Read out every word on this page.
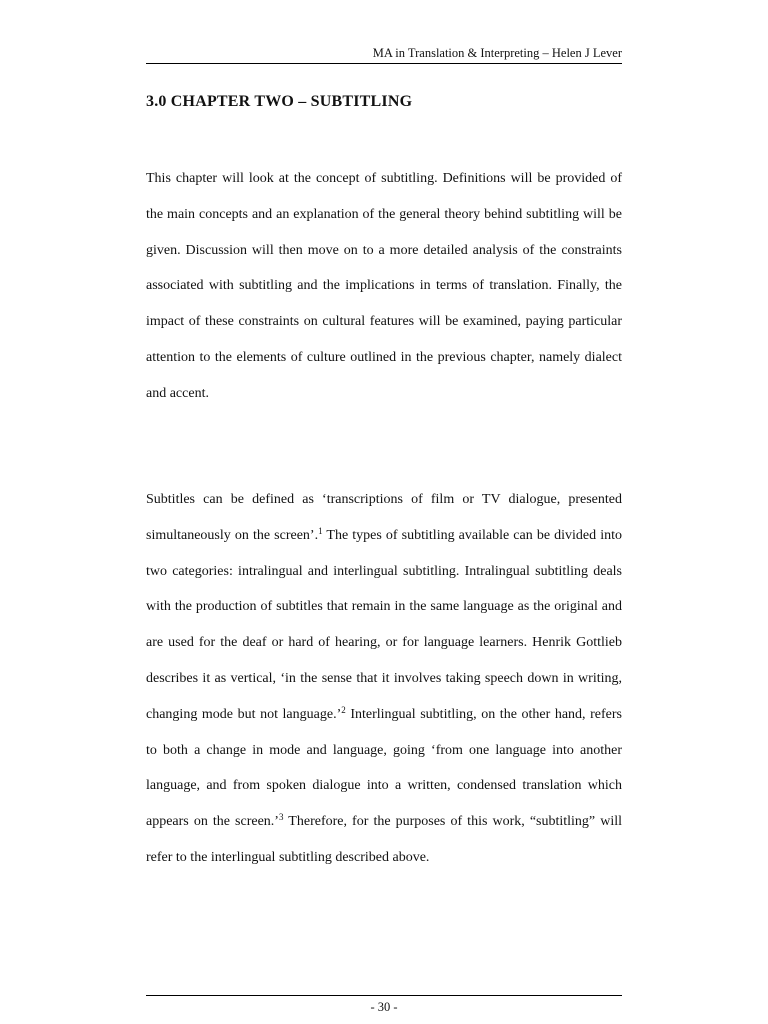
MA in Translation & Interpreting – Helen J Lever
3.0 CHAPTER TWO – SUBTITLING

This chapter will look at the concept of subtitling. Definitions will be provided of the main concepts and an explanation of the general theory behind subtitling will be given. Discussion will then move on to a more detailed analysis of the constraints associated with subtitling and the implications in terms of translation. Finally, the impact of these constraints on cultural features will be examined, paying particular attention to the elements of culture outlined in the previous chapter, namely dialect and accent.

Subtitles can be defined as ‘transcriptions of film or TV dialogue, presented simultaneously on the screen’.$^1$ The types of subtitling available can be divided into two categories: intralingual and interlingual subtitling. Intralingual subtitling deals with the production of subtitles that remain in the same language as the original and are used for the deaf or hard of hearing, or for language learners. Henrik Gottlieb describes it as vertical, ‘in the sense that it involves taking speech down in writing, changing mode but not language.’$^2$ Interlingual subtitling, on the other hand, refers to both a change in mode and language, going ‘from one language into another language, and from spoken dialogue into a written, condensed translation which appears on the screen.’$^3$ Therefore, for the purposes of this work, “subtitling” will refer to the interlingual subtitling described above.

- 30 -
